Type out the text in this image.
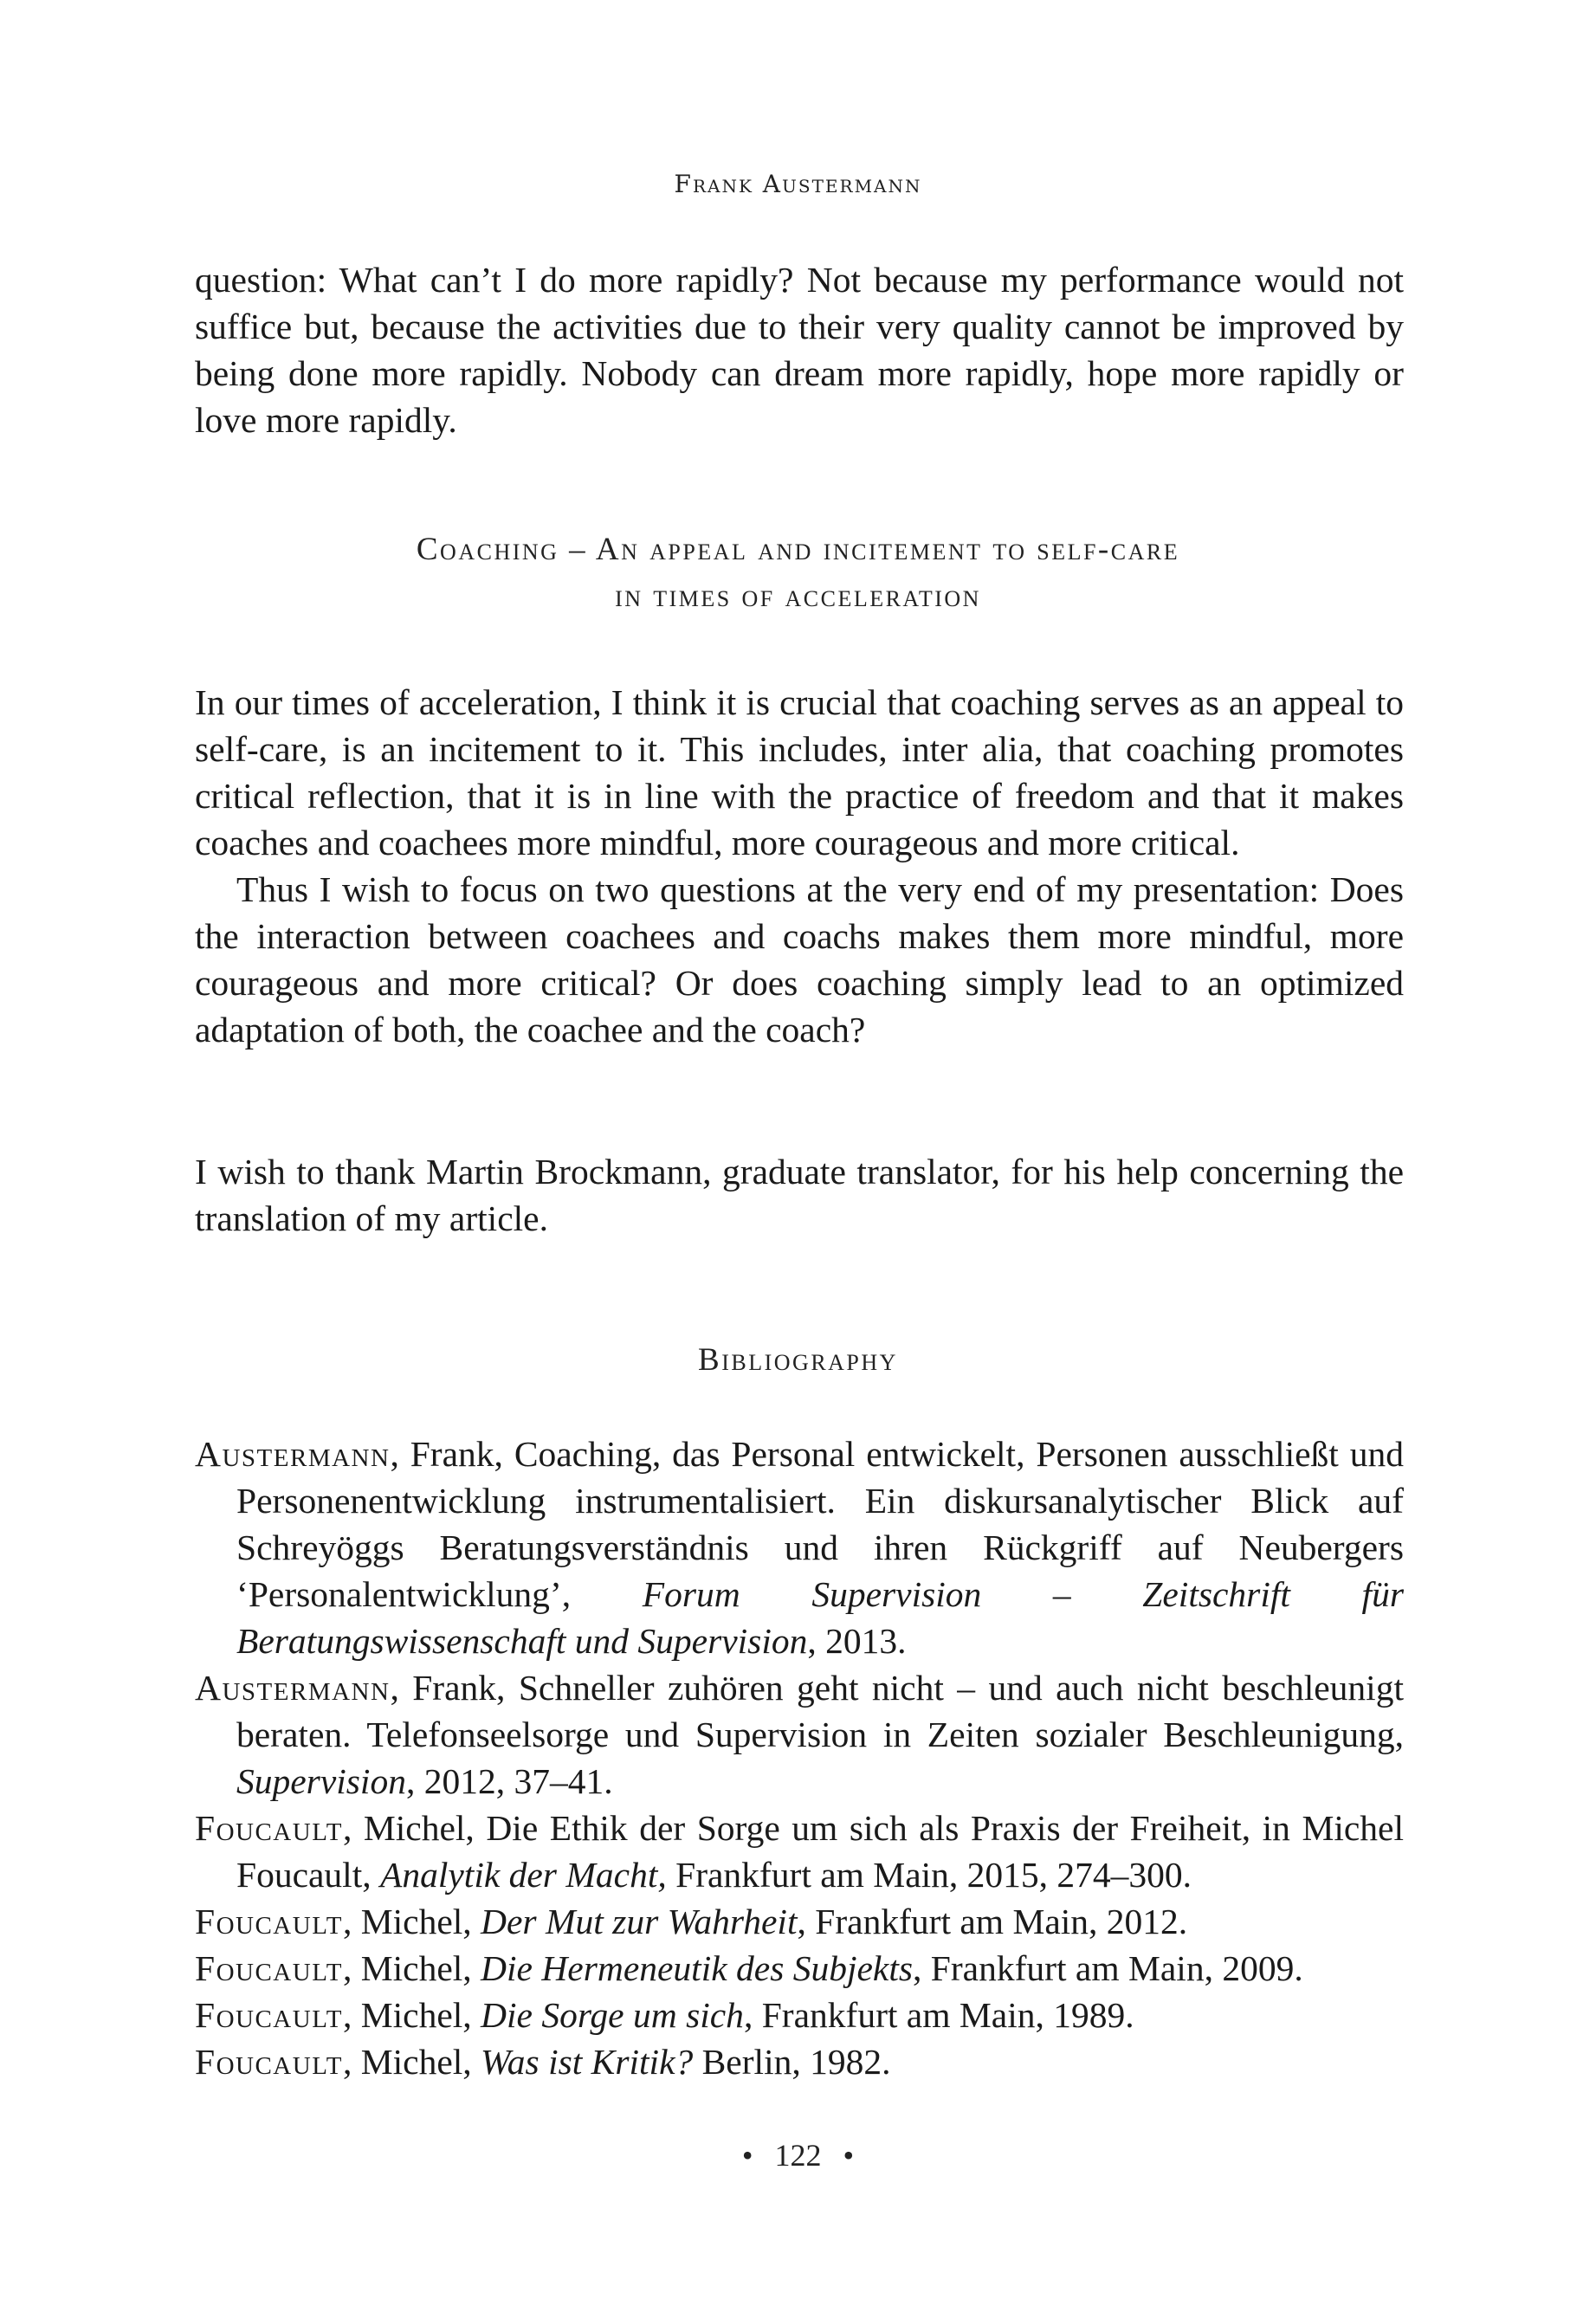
Frank Austermann

question: What can’t I do more rapidly? Not because my performance would not suffice but, because the activities due to their very quality cannot be improved by being done more rapidly. Nobody can dream more rapidly, hope more rapidly or love more rapidly.

Coaching – An appeal and incitement to self-care
in times of acceleration

In our times of acceleration, I think it is crucial that coaching serves as an appeal to self-care, is an incitement to it. This includes, inter alia, that coaching promotes critical reflection, that it is in line with the practice of freedom and that it makes coaches and coachees more mindful, more courageous and more critical.

Thus I wish to focus on two questions at the very end of my presentation: Does the interaction between coachees and coachs makes them more mindful, more courageous and more critical? Or does coaching simply lead to an optimized adaptation of both, the coachee and the coach?

I wish to thank Martin Brockmann, graduate translator, for his help concerning the translation of my article.

Bibliography

Austermann, Frank, Coaching, das Personal entwickelt, Personen ausschließt und Personenentwicklung instrumentalisiert. Ein diskursanalytischer Blick auf Schreyöggs Beratungsverständnis und ihren Rückgriff auf Neubergers ‘Personalentwicklung’, Forum Supervision – Zeitschrift für Beratungswissenschaft und Supervision, 2013.

Austermann, Frank, Schneller zuhören geht nicht – und auch nicht beschleunigt beraten. Telefonseelsorge und Supervision in Zeiten sozialer Beschleunigung, Supervision, 2012, 37–41.

Foucault, Michel, Die Ethik der Sorge um sich als Praxis der Freiheit, in Michel Foucault, Analytik der Macht, Frankfurt am Main, 2015, 274–300.

Foucault, Michel, Der Mut zur Wahrheit, Frankfurt am Main, 2012.

Foucault, Michel, Die Hermeneutik des Subjekts, Frankfurt am Main, 2009.

Foucault, Michel, Die Sorge um sich, Frankfurt am Main, 1989.

Foucault, Michel, Was ist Kritik? Berlin, 1982.

• 122 •
